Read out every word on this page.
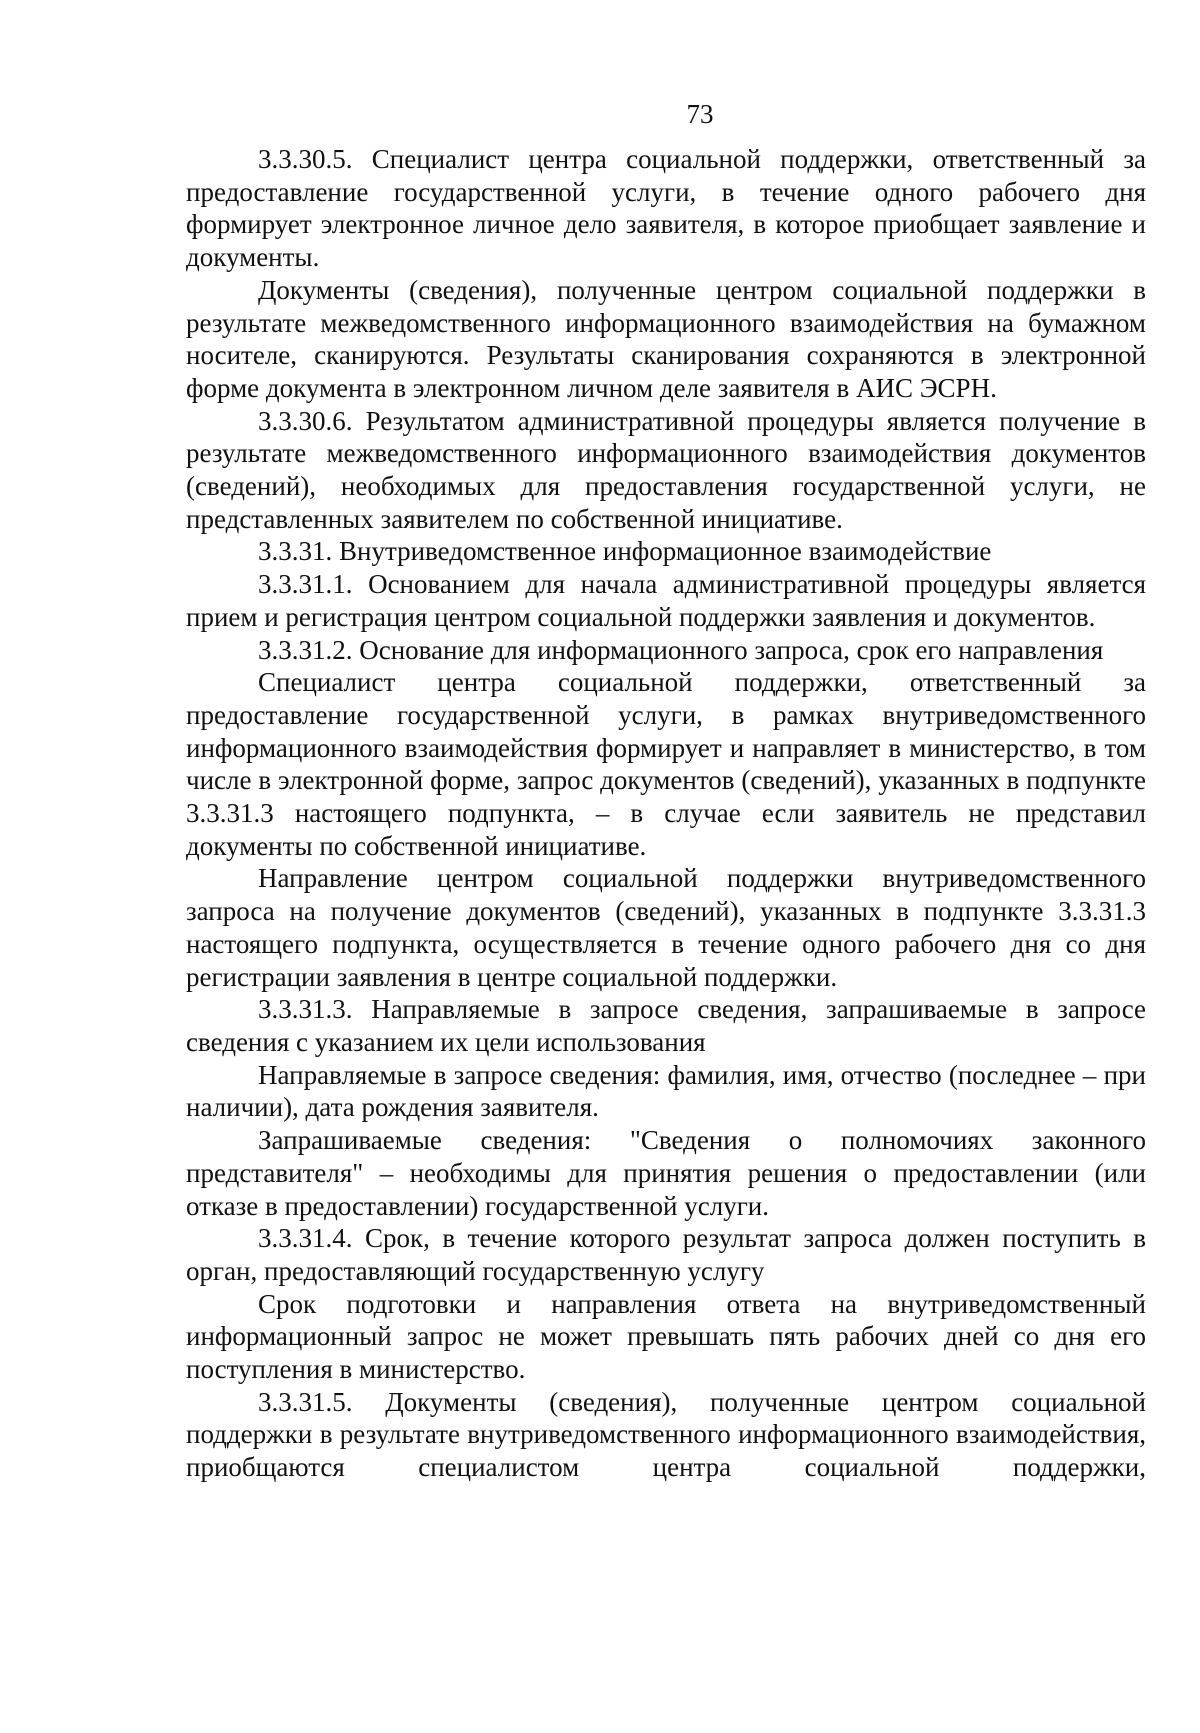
73

3.3.30.5. Специалист центра социальной поддержки, ответственный за предоставление государственной услуги, в течение одного рабочего дня формирует электронное личное дело заявителя, в которое приобщает заявление и документы.

Документы (сведения), полученные центром социальной поддержки в результате межведомственного информационного взаимодействия на бумажном носителе, сканируются. Результаты сканирования сохраняются в электронной форме документа в электронном личном деле заявителя в АИС ЭСРН.

3.3.30.6. Результатом административной процедуры является получение в результате межведомственного информационного взаимодействия документов (сведений), необходимых для предоставления государственной услуги, не представленных заявителем по собственной инициативе.

3.3.31. Внутриведомственное информационное взаимодействие

3.3.31.1. Основанием для начала административной процедуры является прием и регистрация центром социальной поддержки заявления и документов.

3.3.31.2. Основание для информационного запроса, срок его направления

Специалист центра социальной поддержки, ответственный за предоставление государственной услуги, в рамках внутриведомственного информационного взаимодействия формирует и направляет в министерство, в том числе в электронной форме, запрос документов (сведений), указанных в подпункте 3.3.31.3 настоящего подпункта, – в случае если заявитель не представил документы по собственной инициативе.

Направление центром социальной поддержки внутриведомственного запроса на получение документов (сведений), указанных в подпункте 3.3.31.3 настоящего подпункта, осуществляется в течение одного рабочего дня со дня регистрации заявления в центре социальной поддержки.

3.3.31.3. Направляемые в запросе сведения, запрашиваемые в запросе сведения с указанием их цели использования

Направляемые в запросе сведения: фамилия, имя, отчество (последнее – при наличии), дата рождения заявителя.

Запрашиваемые сведения: "Сведения о полномочиях законного представителя" – необходимы для принятия решения о предоставлении (или отказе в предоставлении) государственной услуги.

3.3.31.4. Срок, в течение которого результат запроса должен поступить в орган, предоставляющий государственную услугу

Срок подготовки и направления ответа на внутриведомственный информационный запрос не может превышать пять рабочих дней со дня его поступления в министерство.

3.3.31.5. Документы (сведения), полученные центром социальной поддержки в результате внутриведомственного информационного взаимодействия, приобщаются специалистом центра социальной поддержки,
